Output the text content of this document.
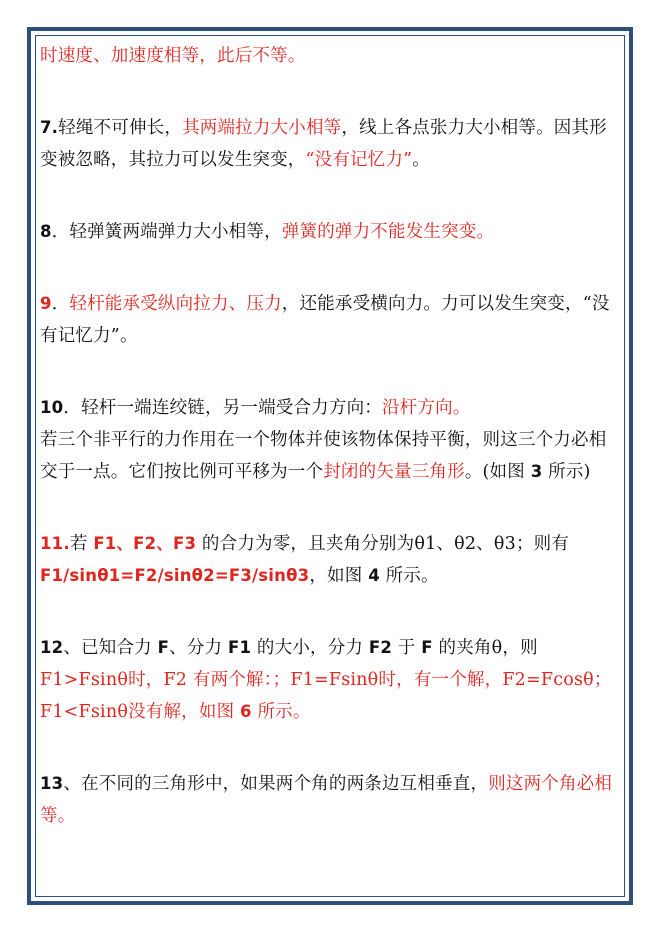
时速度、加速度相等，此后不等。

7.轻绳不可伸长，其两端拉力大小相等，线上各点张力大小相等。因其形变被忽略，其拉力可以发生突变，“没有记忆力”。

8．轻弹簧两端弹力大小相等，弹簧的弹力不能发生突变。

9．轻杆能承受纵向拉力、压力，还能承受横向力。力可以发生突变，“没有记忆力”。

10．轻杆一端连绞链，另一端受合力方向：沿杆方向。

若三个非平行的力作用在一个物体并使该物体保持平衡，则这三个力必相交于一点。它们按比例可平移为一个封闭的矢量三角形。(如图 3 所示)

11.若 F1、F2、F3 的合力为零，且夹角分别为θ1、θ2、θ3；则有 F1/sinθ1=F2/sinθ2=F3/sinθ3，如图 4 所示。

12、已知合力 F、分力 F1 的大小，分力 F2 于 F 的夹角θ，则 F1>Fsinθ时，F2 有两个解：；F1=Fsinθ时，有一个解，F2=Fcosθ；F1<Fsinθ没有解，如图 6 所示。

13、在不同的三角形中，如果两个角的两条边互相垂直，则这两个角必相等。
